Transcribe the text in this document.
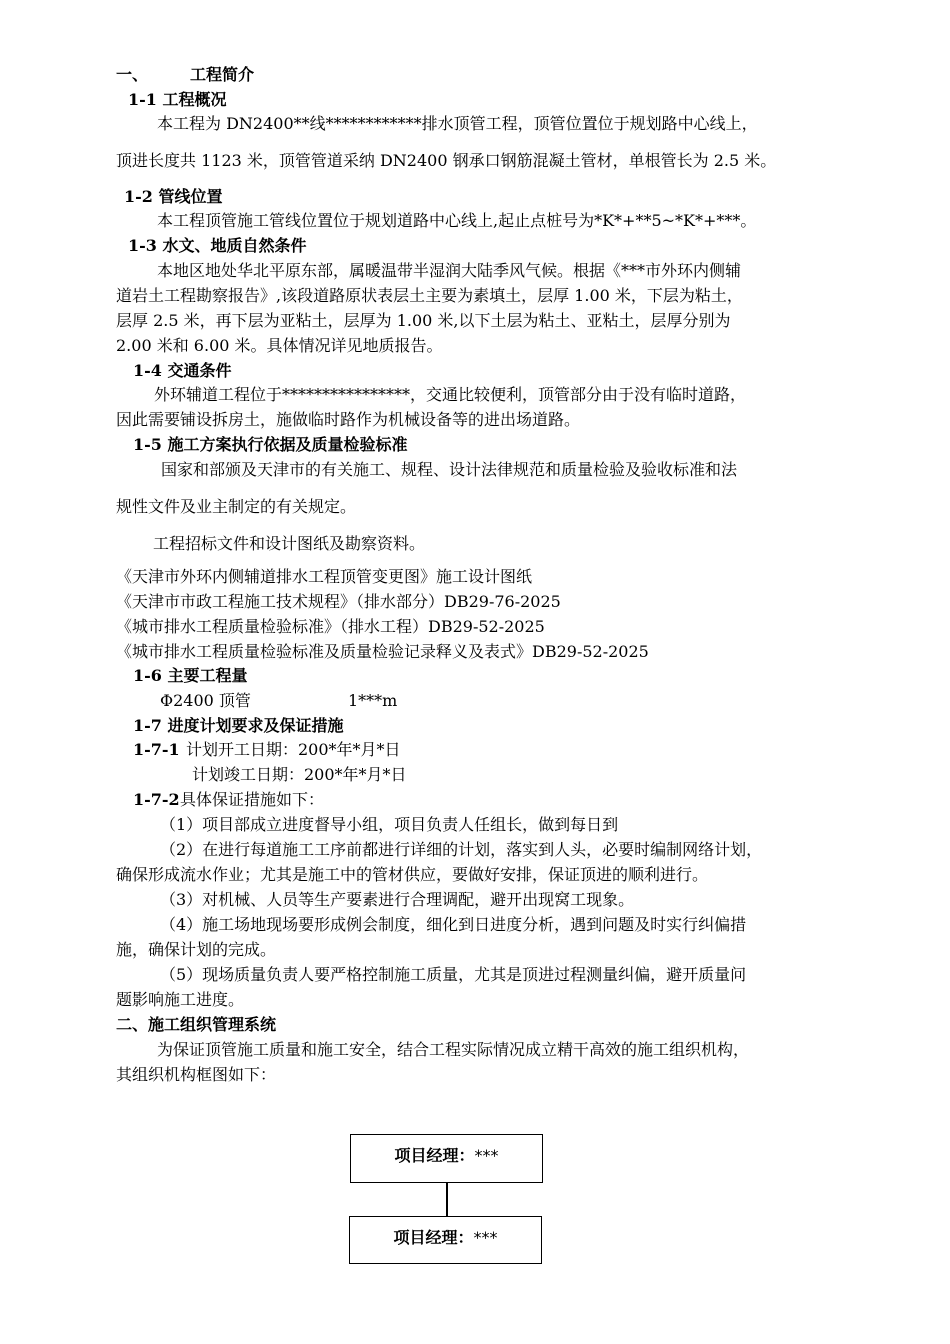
一、	工程简介
1-1 工程概况
本工程为 DN2400**线************排水顶管工程，顶管位置位于规划路中心线上，
顶进长度共 1123 米，顶管管道采纳 DN2400 钢承口钢筋混凝土管材，单根管长为 2.5 米。
1-2 管线位置
本工程顶管施工管线位置位于规划道路中心线上,起止点桩号为*K*+**5~*K*+***。
1-3 水文、地质自然条件
本地区地处华北平原东部，属暖温带半湿润大陆季风气候。根据《***市外环内侧辅
道岩土工程勘察报告》,该段道路原状表层土主要为素填土，层厚 1.00 米，下层为粘土，
层厚 2.5 米，再下层为亚粘土，层厚为 1.00 米,以下土层为粘土、亚粘土，层厚分别为
2.00 米和 6.00 米。具体情况详见地质报告。
1-4 交通条件
外环辅道工程位于****************，交通比较便利，顶管部分由于没有临时道路，
因此需要铺设拆房土，施做临时路作为机械设备等的进出场道路。
1-5 施工方案执行依据及质量检验标准
国家和部颁及天津市的有关施工、规程、设计法律规范和质量检验及验收标准和法
规性文件及业主制定的有关规定。
工程招标文件和设计图纸及勘察资料。
《天津市外环内侧辅道排水工程顶管变更图》施工设计图纸
《天津市市政工程施工技术规程》（排水部分）DB29-76-2025
《城市排水工程质量检验标准》（排水工程）DB29-52-2025
《城市排水工程质量检验标准及质量检验记录释义及表式》DB29-52-2025
1-6 主要工程量
Φ2400 顶管	1***m
1-7 进度计划要求及保证措施
1-7-1 计划开工日期：200*年*月*日
计划竣工日期：200*年*月*日
1-7-2 具体保证措施如下：
（1）项目部成立进度督导小组，项目负责人任组长，做到每日到
（2）在进行每道施工工序前都进行详细的计划，落实到人头，必要时编制网络计划，
确保形成流水作业；尤其是施工中的管材供应，要做好安排，保证顶进的顺利进行。
（3）对机械、人员等生产要素进行合理调配，避开出现窝工现象。
（4）施工场地现场要形成例会制度，细化到日进度分析，遇到问题及时实行纠偏措
施，确保计划的完成。
（5）现场质量负责人要严格控制施工质量，尤其是顶进过程测量纠偏，避开质量问
题影响施工进度。
二、施工组织管理系统
为保证顶管施工质量和施工安全，结合工程实际情况成立精干高效的施工组织机构，
其组织机构框图如下：
项目经理：***
项目经理：***
